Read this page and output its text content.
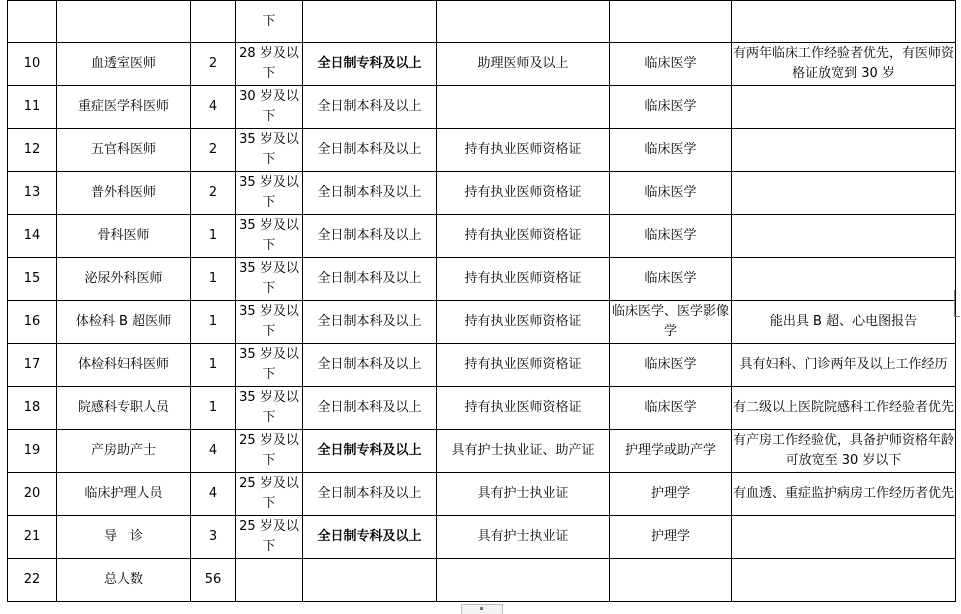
			下				
10	血透室医师	2	28 岁及以下	全日制专科及以上	助理医师及以上	临床医学	有两年临床工作经验者优先，有医师资格证放宽到 30 岁
11	重症医学科医师	4	30 岁及以下	全日制本科及以上		临床医学	
12	五官科医师	2	35 岁及以下	全日制本科及以上	持有执业医师资格证	临床医学	
13	普外科医师	2	35 岁及以下	全日制本科及以上	持有执业医师资格证	临床医学	
14	骨科医师	1	35 岁及以下	全日制本科及以上	持有执业医师资格证	临床医学	
15	泌尿外科医师	1	35 岁及以下	全日制本科及以上	持有执业医师资格证	临床医学	
16	体检科 B 超医师	1	35 岁及以下	全日制本科及以上	持有执业医师资格证	临床医学、医学影像学	能出具 B 超、心电图报告
17	体检科妇科医师	1	35 岁及以下	全日制本科及以上	持有执业医师资格证	临床医学	具有妇科、门诊两年及以上工作经历
18	院感科专职人员	1	35 岁及以下	全日制本科及以上	持有执业医师资格证	临床医学	有二级以上医院院感科工作经验者优先
19	产房助产士	4	25 岁及以下	全日制专科及以上	具有护士执业证、助产证	护理学或助产学	有产房工作经验优，具备护师资格年龄可放宽至 30 岁以下
20	临床护理人员	4	25 岁及以下	全日制本科及以上	具有护士执业证	护理学	有血透、重症监护病房工作经历者优先
21	导　诊	3	25 岁及以下	全日制专科及以上	具有护士执业证	护理学	
22	总人数	56					
